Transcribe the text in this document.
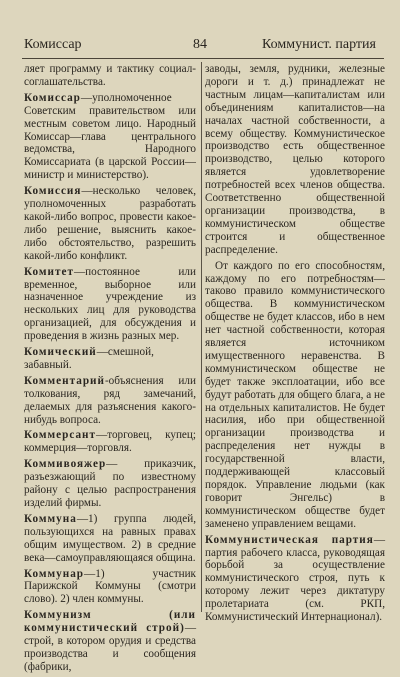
Комиссар	84	Коммунист. партия

ляет программу и тактику социал-соглашательства.

Комиссар—уполномоченное Советским правительством или местным советом лицо. Народный Комиссар—глава центрального ведомства, Народного Комиссариата (в царской России—министр и министерство).

Комиссия—несколько человек, уполномоченных разработать какой-либо вопрос, провести какое-либо решение, выяснить какое-либо обстоятельство, разрешить какой-либо конфликт.

Комитет—постоянное или временное, выборное или назначенное учреждение из нескольких лиц для руководства организацией, для обсуждения и проведения в жизнь разных мер.

Комический—смешной, забавный.

Комментарий-объяснения или толкования, ряд замечаний, делаемых для разъяснения какого-нибудь вопроса.

Коммерсант—торговец, купец; коммерция—торговля.

Коммивояжер— приказчик, разъезжающий по известному району с целью распространения изделий фирмы.

Коммуна—1) группа людей, пользующихся на равных правах общим имуществом. 2) в средние века—самоуправляющаяся община.

Коммунар—1) участник Парижской Коммуны (смотри слово). 2) член коммуны.

Коммунизм (или коммунистический строй)—строй, в котором орудия и средства производства и сообщения (фабрики,

заводы, земля, рудники, железные дороги и т. д.) принадлежат не частным лицам—капиталистам или объединениям капиталистов—на началах частной собственности, а всему обществу. Коммунистическое производство есть общественное производство, целью которого является удовлетворение потребностей всех членов общества. Соответственно общественной организации производства, в коммунистическом обществе строится и общественное распределение.

От каждого по его способностям, каждому по его потребностям—таково правило коммунистического общества. В коммунистическом обществе не будет классов, ибо в нем нет частной собственности, которая является источником имущественного неравенства. В коммунистическом обществе не будет также эксплоатации, ибо все будут работать для общего блага, а не на отдельных капиталистов. Не будет насилия, ибо при общественной организации производства и распределения нет нужды в государственной власти, поддерживающей классовый порядок. Управление людьми (как говорит Энгельс) в коммунистическом обществе будет заменено управлением вещами.

Коммунистическая партия—партия рабочего класса, руководящая борьбой за осуществление коммунистического строя, путь к которому лежит через диктатуру пролетариата (см. РКП, Коммунистический Интернационал).
